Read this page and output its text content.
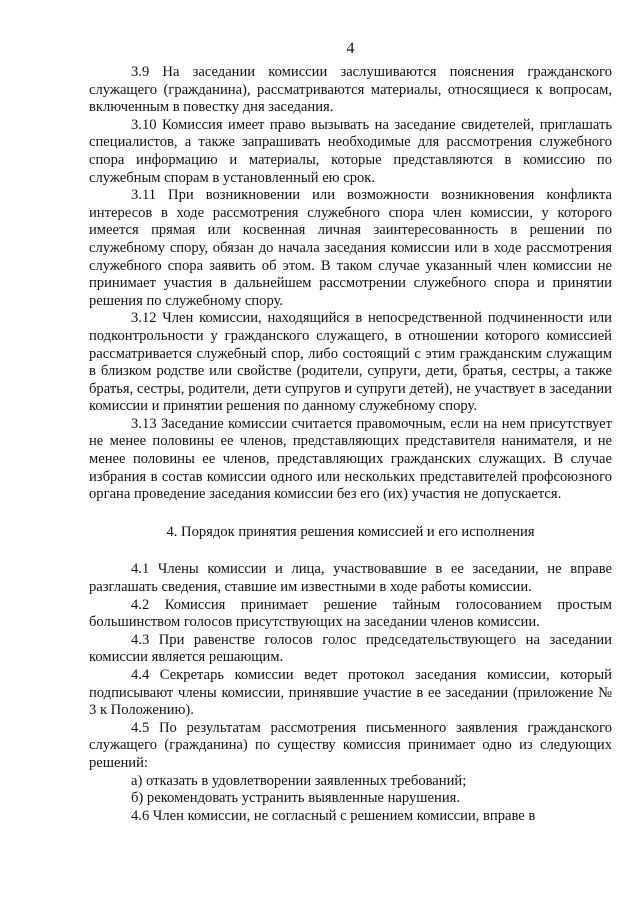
4

3.9 На заседании комиссии заслушиваются пояснения гражданского служащего (гражданина), рассматриваются материалы, относящиеся к вопросам, включенным в повестку дня заседания.

3.10 Комиссия имеет право вызывать на заседание свидетелей, приглашать специалистов, а также запрашивать необходимые для рассмотрения служебного спора информацию и материалы, которые представляются в комиссию по служебным спорам в установленный ею срок.

3.11 При возникновении или возможности возникновения конфликта интересов в ходе рассмотрения служебного спора член комиссии, у которого имеется прямая или косвенная личная заинтересованность в решении по служебному спору, обязан до начала заседания комиссии или в ходе рассмотрения служебного спора заявить об этом. В таком случае указанный член комиссии не принимает участия в дальнейшем рассмотрении служебного спора и принятии решения по служебному спору.

3.12 Член комиссии, находящийся в непосредственной подчиненности или подконтрольности у гражданского служащего, в отношении которого комиссией рассматривается служебный спор, либо состоящий с этим гражданским служащим в близком родстве или свойстве (родители, супруги, дети, братья, сестры, а также братья, сестры, родители, дети супругов и супруги детей), не участвует в заседании комиссии и принятии решения по данному служебному спору.

3.13 Заседание комиссии считается правомочным, если на нем присутствует не менее половины ее членов, представляющих представителя нанимателя, и не менее половины ее членов, представляющих гражданских служащих. В случае избрания в состав комиссии одного или нескольких представителей профсоюзного органа проведение заседания комиссии без его (их) участия не допускается.

4. Порядок принятия решения комиссией и его исполнения

4.1 Члены комиссии и лица, участвовавшие в ее заседании, не вправе разглашать сведения, ставшие им известными в ходе работы комиссии.

4.2 Комиссия принимает решение тайным голосованием простым большинством голосов присутствующих на заседании членов комиссии.

4.3 При равенстве голосов голос председательствующего на заседании комиссии является решающим.

4.4 Секретарь комиссии ведет протокол заседания комиссии, который подписывают члены комиссии, принявшие участие в ее заседании (приложение № 3 к Положению).

4.5 По результатам рассмотрения письменного заявления гражданского служащего (гражданина) по существу комиссия принимает одно из следующих решений:

а) отказать в удовлетворении заявленных требований;

б) рекомендовать устранить выявленные нарушения.

4.6 Член комиссии, не согласный с решением комиссии, вправе в
